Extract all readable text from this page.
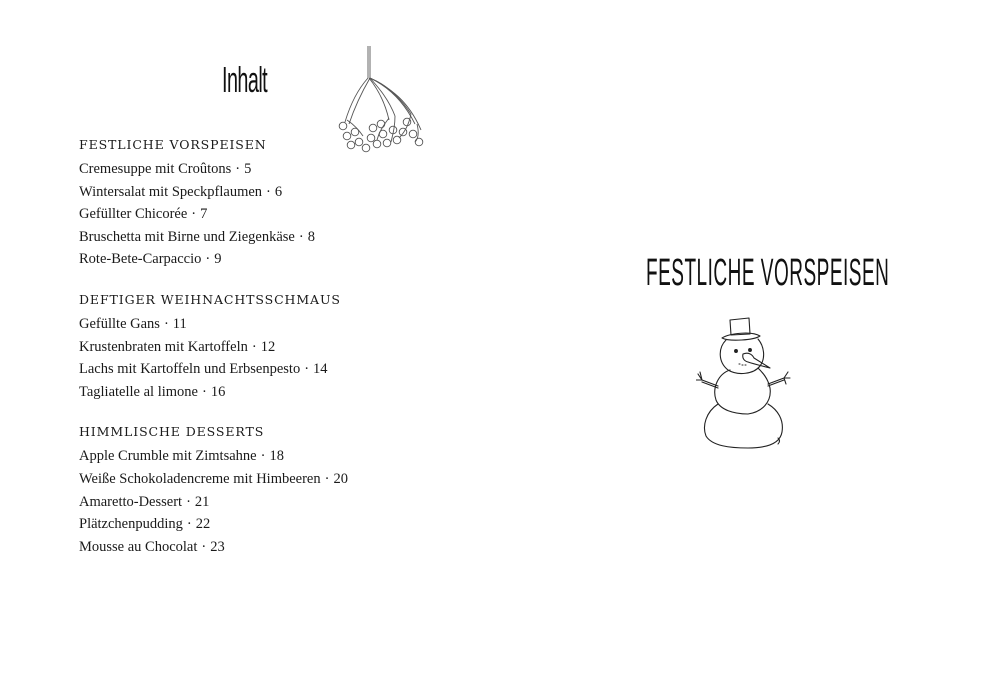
Inhalt
FESTLICHE VORSPEISEN
Cremesuppe mit Croûtons · 5
Wintersalat mit Speckpflaumen · 6
Gefüllter Chicorée · 7
Bruschetta mit Birne und Ziegenkäse · 8
Rote-Bete-Carpaccio · 9
DEFTIGER WEIHNACHTSSCHMAUS
Gefüllte Gans · 11
Krustenbraten mit Kartoffeln · 12
Lachs mit Kartoffeln und Erbsenpesto · 14
Tagliatelle al limone · 16
HIMMLISCHE DESSERTS
Apple Crumble mit Zimtsahne · 18
Weiße Schokoladencreme mit Himbeeren · 20
Amaretto-Dessert · 21
Plätzchenpudding · 22
Mousse au Chocolat · 23
FESTLICHE VORSPEISEN
